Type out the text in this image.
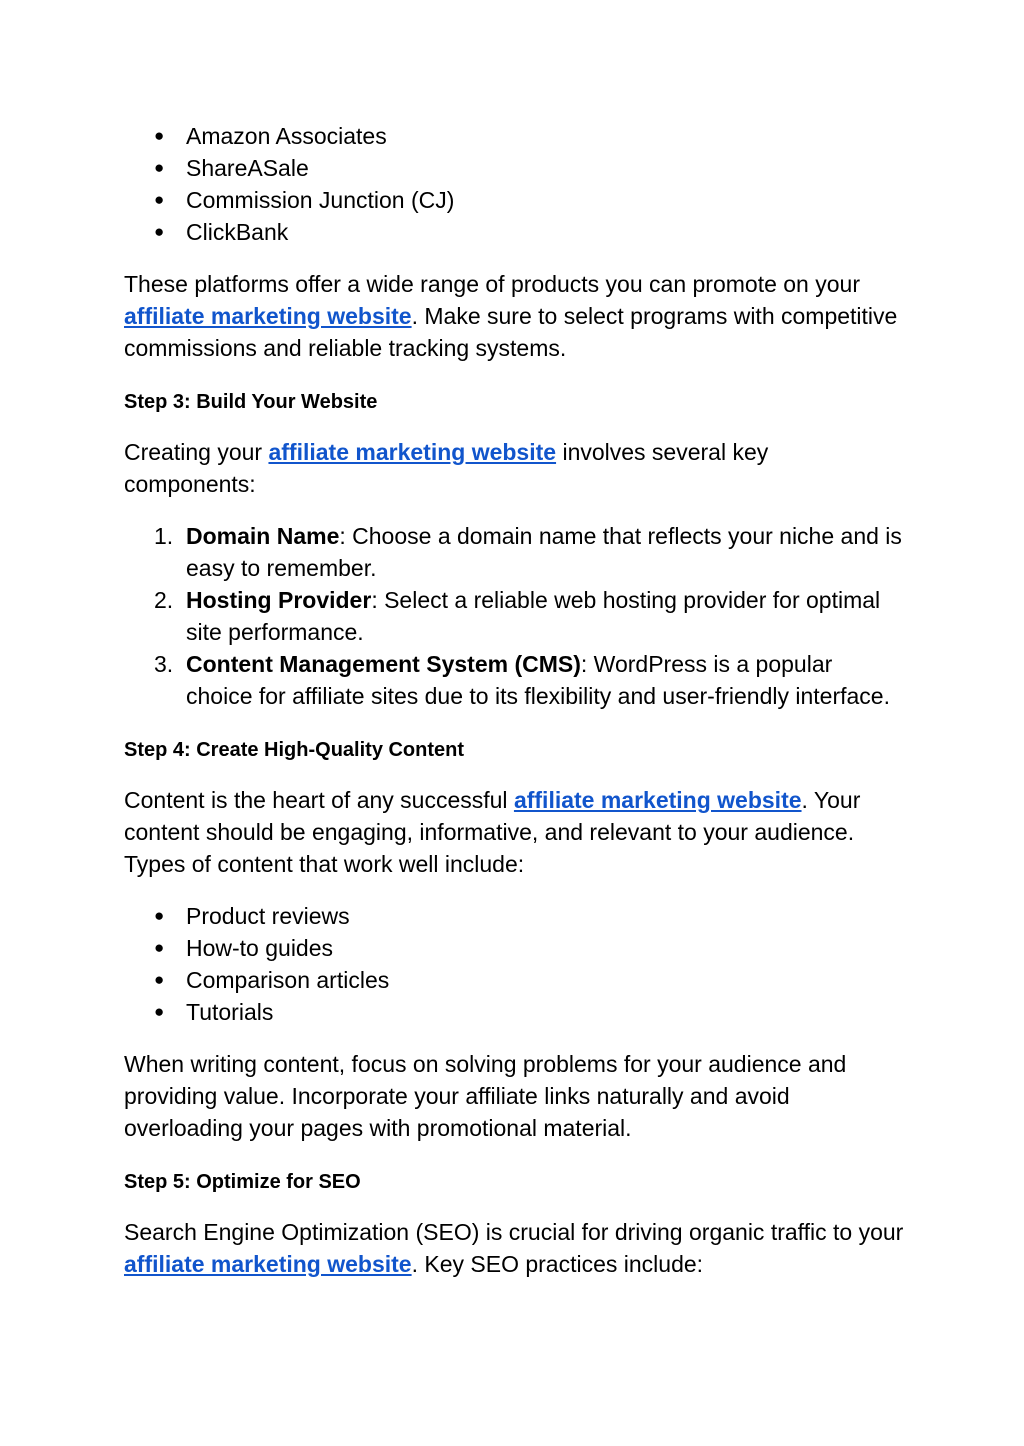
● Amazon Associates
● ShareASale
● Commission Junction (CJ)
● ClickBank

These platforms offer a wide range of products you can promote on your affiliate marketing website. Make sure to select programs with competitive commissions and reliable tracking systems.

Step 3: Build Your Website

Creating your affiliate marketing website involves several key components:

1. Domain Name: Choose a domain name that reflects your niche and is easy to remember.
2. Hosting Provider: Select a reliable web hosting provider for optimal site performance.
3. Content Management System (CMS): WordPress is a popular choice for affiliate sites due to its flexibility and user-friendly interface.

Step 4: Create High-Quality Content

Content is the heart of any successful affiliate marketing website. Your content should be engaging, informative, and relevant to your audience. Types of content that work well include:

● Product reviews
● How-to guides
● Comparison articles
● Tutorials

When writing content, focus on solving problems for your audience and providing value. Incorporate your affiliate links naturally and avoid overloading your pages with promotional material.

Step 5: Optimize for SEO

Search Engine Optimization (SEO) is crucial for driving organic traffic to your affiliate marketing website. Key SEO practices include:
